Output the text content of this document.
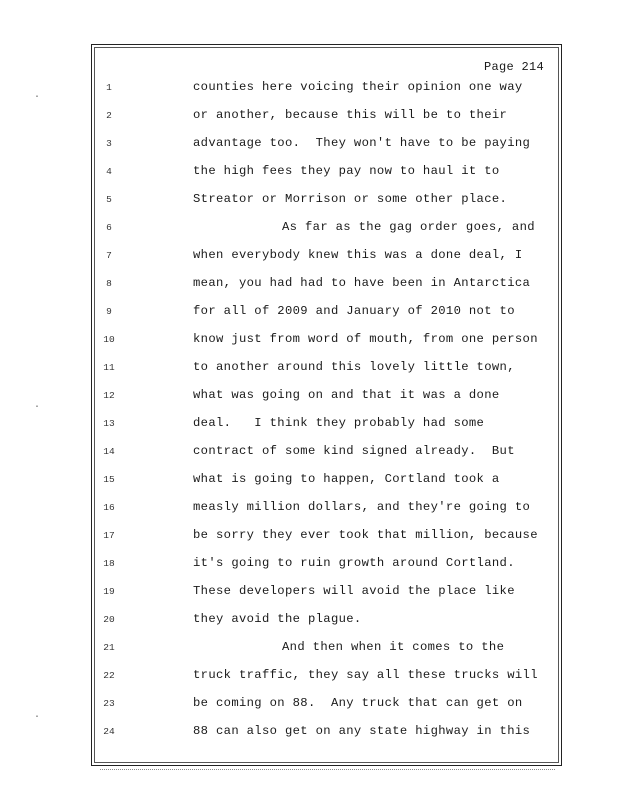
·
·
·
Page 214
1	counties here voicing their opinion one way
2	or another, because this will be to their
3	advantage too.  They won't have to be paying
4	the high fees they pay now to haul it to
5	Streator or Morrison or some other place.
6	As far as the gag order goes, and
7	when everybody knew this was a done deal, I
8	mean, you had had to have been in Antarctica
9	for all of 2009 and January of 2010 not to
10	know just from word of mouth, from one person
11	to another around this lovely little town,
12	what was going on and that it was a done
13	deal.   I think they probably had some
14	contract of some kind signed already.  But
15	what is going to happen, Cortland took a
16	measly million dollars, and they're going to
17	be sorry they ever took that million, because
18	it's going to ruin growth around Cortland.
19	These developers will avoid the place like
20	they avoid the plague.
21	And then when it comes to the
22	truck traffic, they say all these trucks will
23	be coming on 88.  Any truck that can get on
24	88 can also get on any state highway in this
